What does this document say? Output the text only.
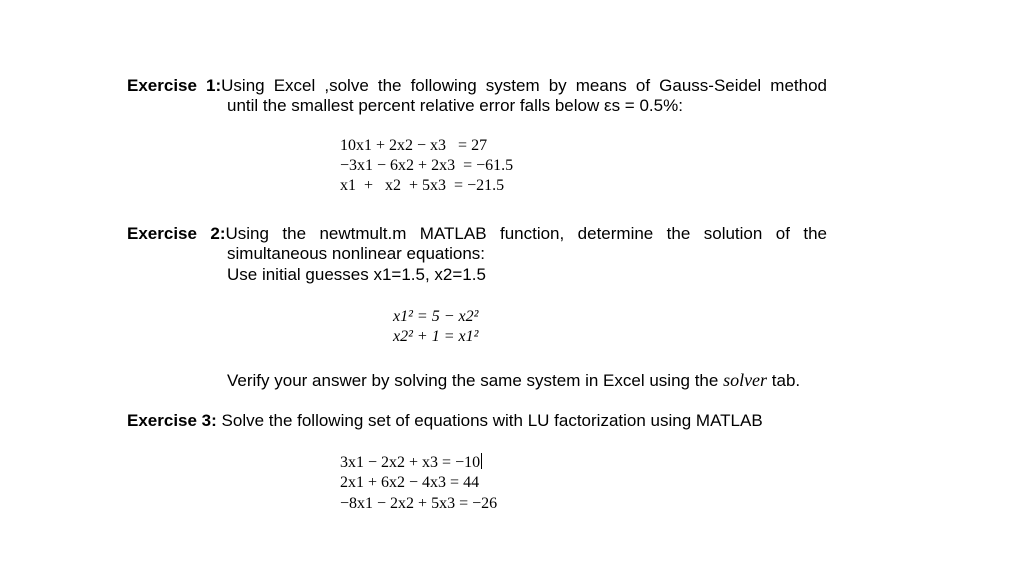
Exercise 1:Using Excel ,solve the following system by means of Gauss-Seidel method
until the smallest percent relative error falls below εs = 0.5%:
10x1 + 2x2 − x3   = 27
−3x1 − 6x2 + 2x3  = −61.5
x1  +   x2  + 5x3  = −21.5
Exercise 2:Using the newtmult.m MATLAB function, determine the solution of the
simultaneous nonlinear equations:
Use initial guesses x1=1.5, x2=1.5
x1² = 5 − x2²
x2² + 1 = x1²
Verify your answer by solving the same system in Excel using the solver tab.
Exercise 3: Solve the following set of equations with LU factorization using MATLAB
3x1 − 2x2 + x3 = −10
2x1 + 6x2 − 4x3 = 44
−8x1 − 2x2 + 5x3 = −26
